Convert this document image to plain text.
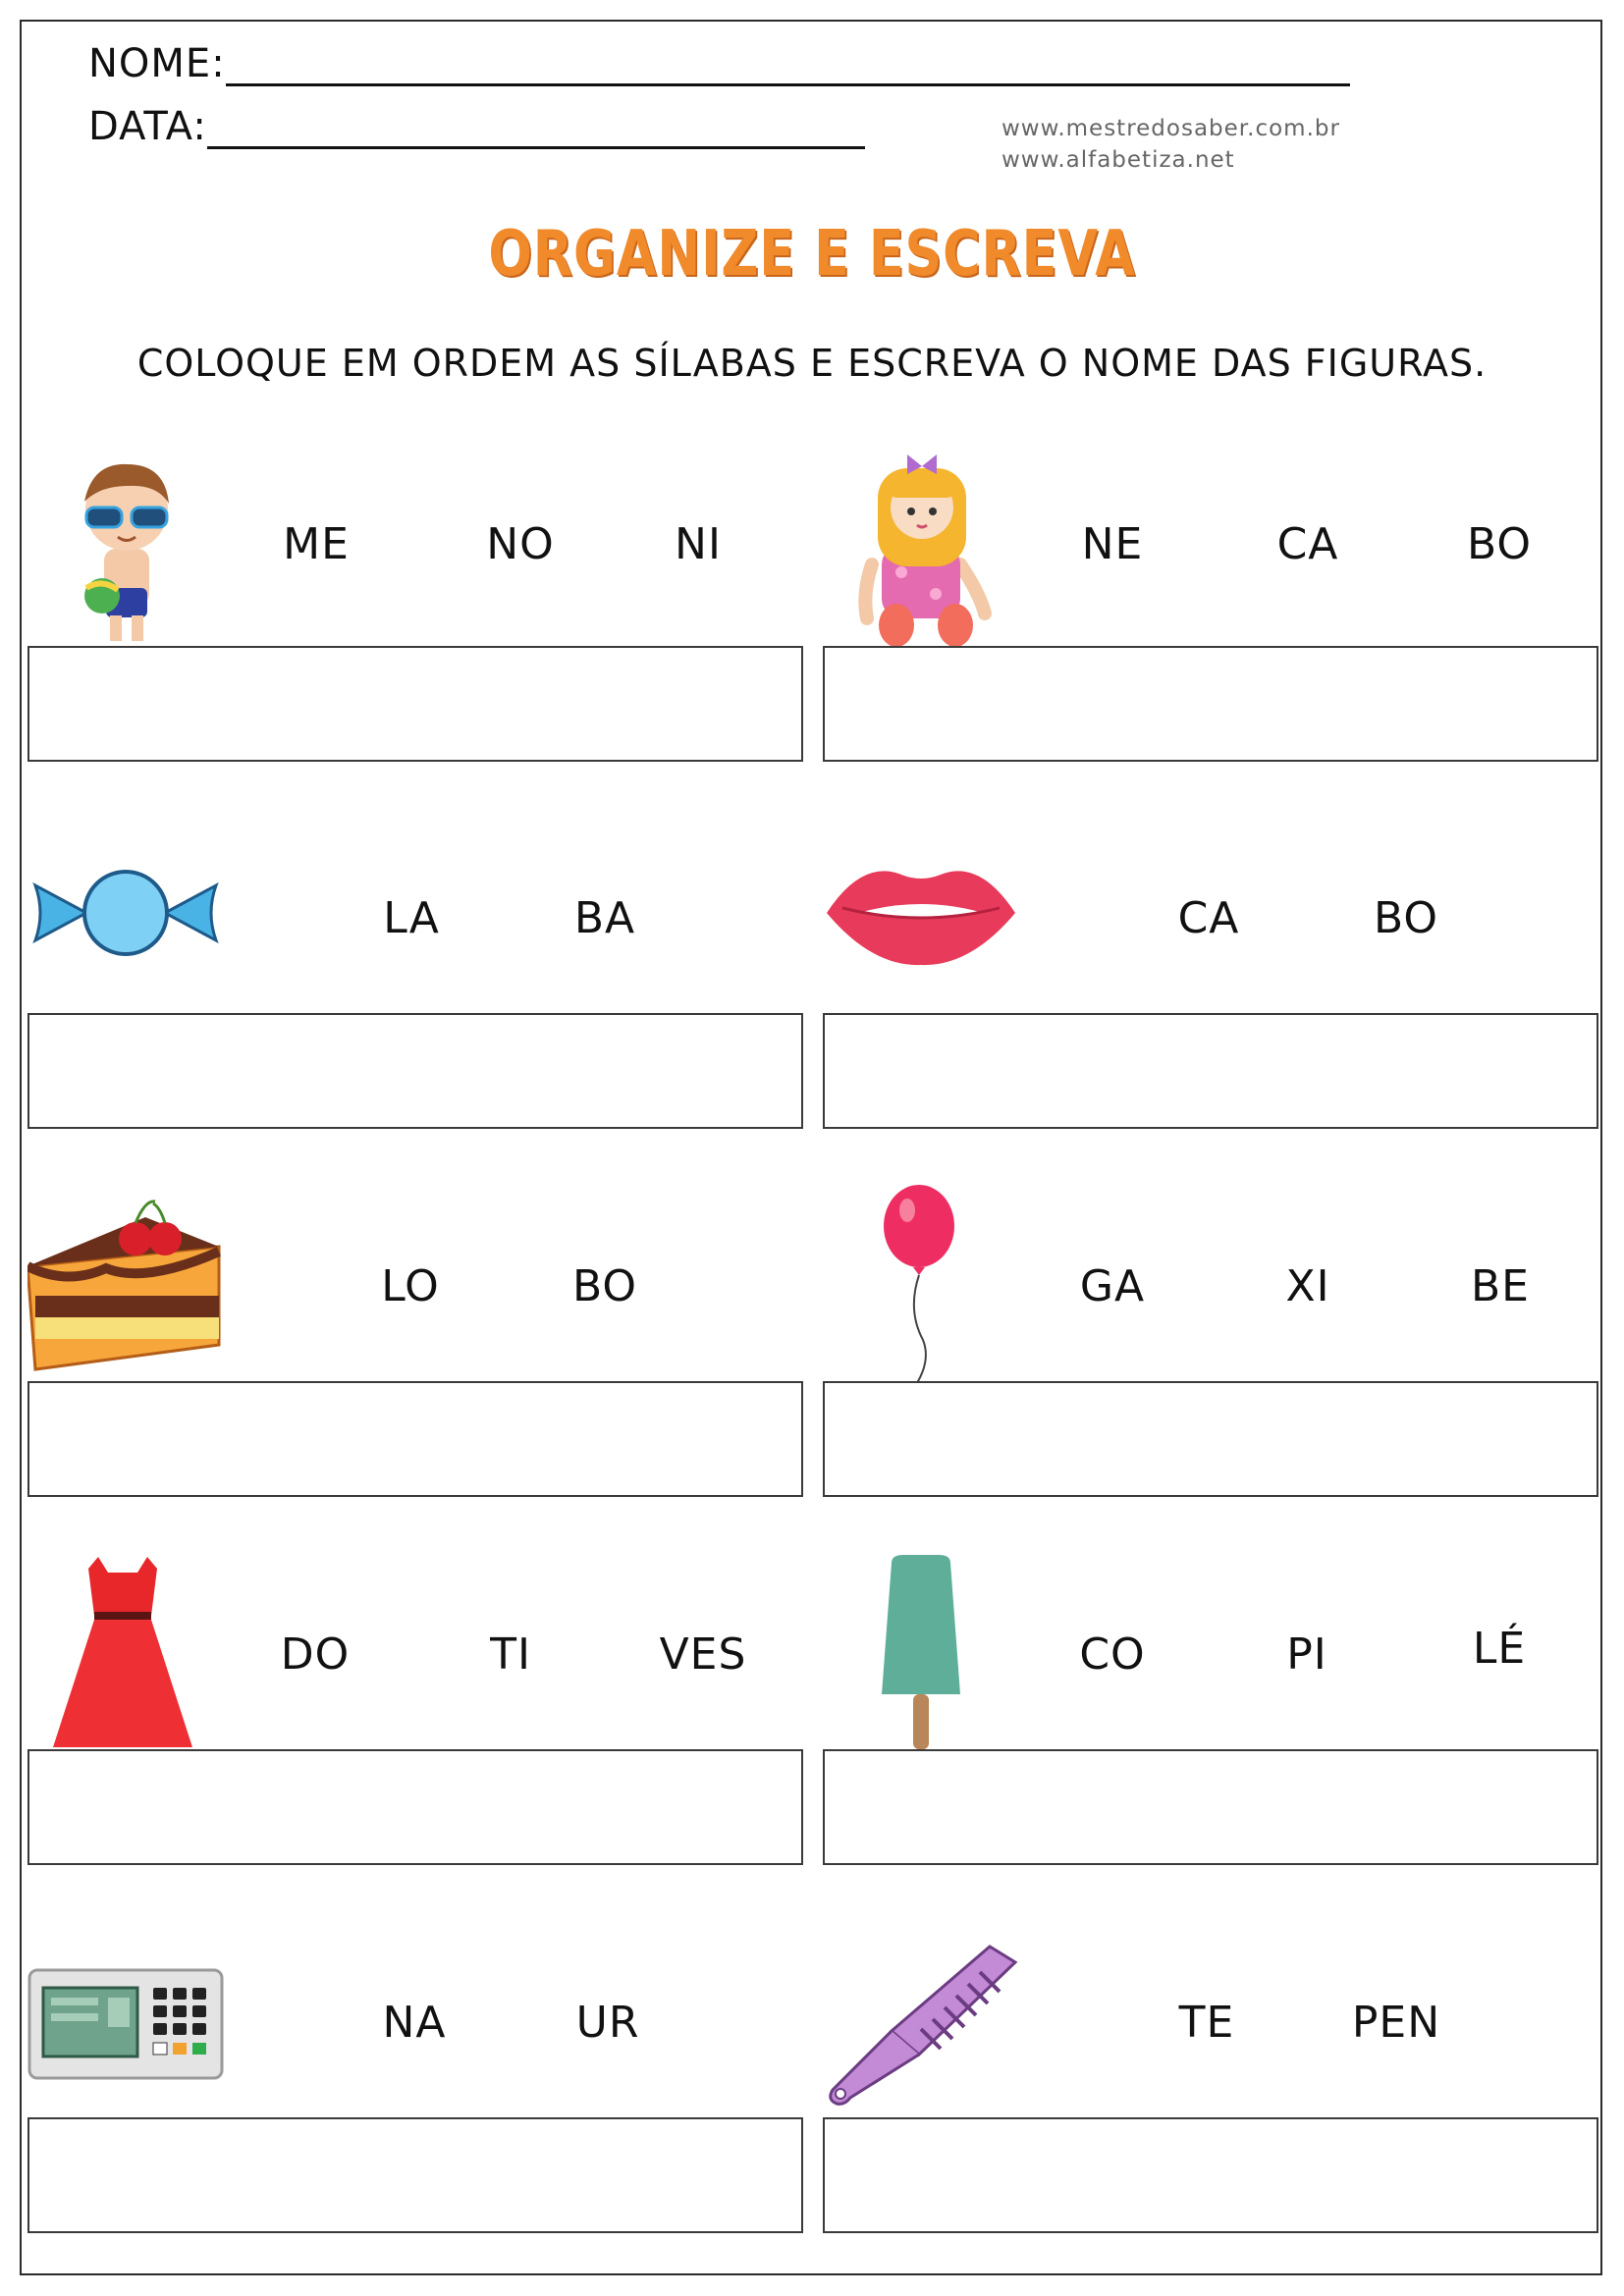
NOME:
DATA:	www.mestredosaber.com.br
www.alfabetiza.net
ORGANIZE E ESCREVA
COLOQUE EM ORDEM AS SÍLABAS E ESCREVA O NOME DAS FIGURAS.
ME	NO	NI	NE	CA	BO
LA	BA	CA	BO
LO	BO	GA	XI	BE
DO	TI	VES	CO	PI	LÉ
NA	UR	TE	PEN
